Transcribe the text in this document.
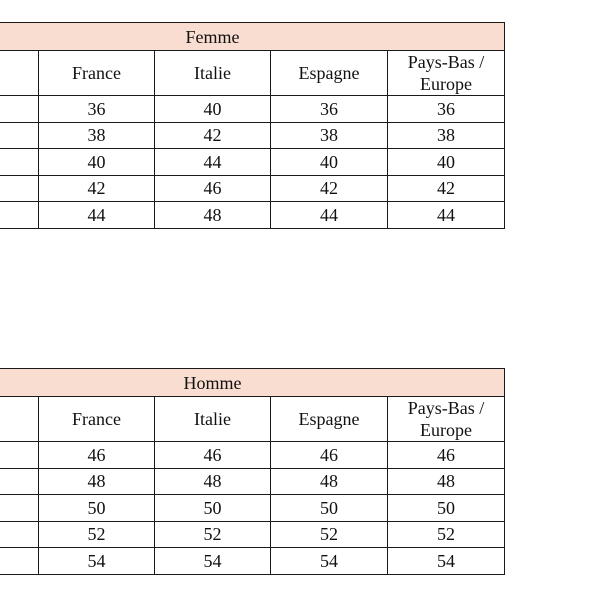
Femme				
	France	Italie	Espagne	Pays-Bas /
Europe
	36	40	36	36
	38	42	38	38
	40	44	40	40
	42	46	42	42
	44	48	44	44
Homme				
	France	Italie	Espagne	Pays-Bas /
Europe
	46	46	46	46
	48	48	48	48
	50	50	50	50
	52	52	52	52
	54	54	54	54
